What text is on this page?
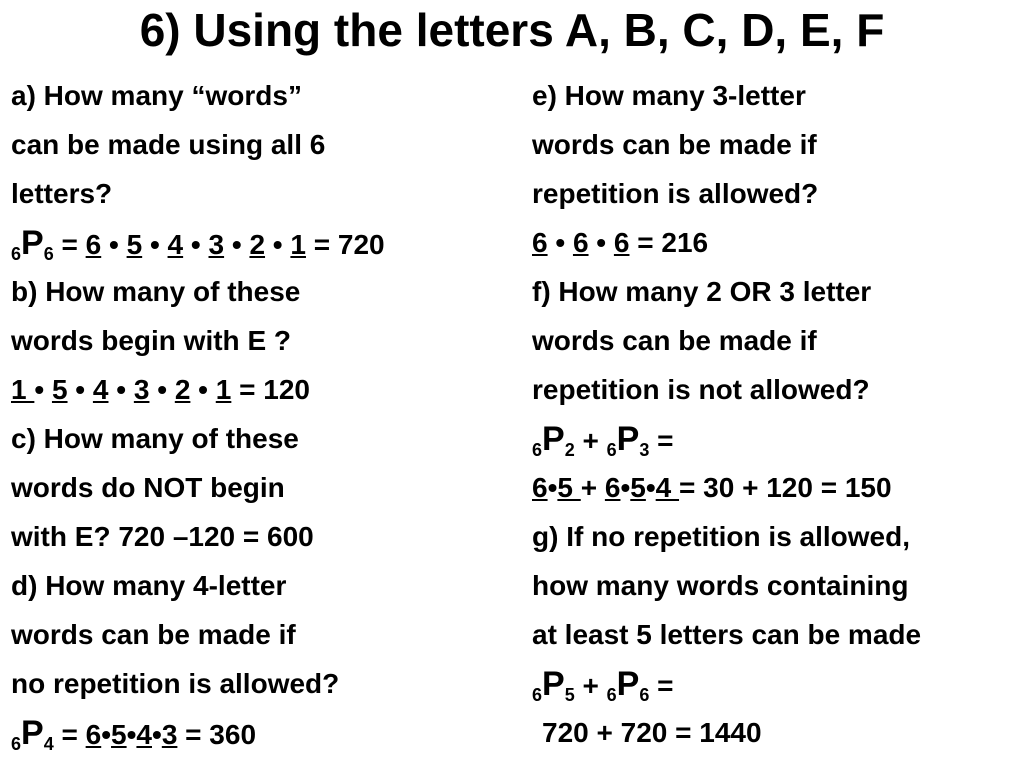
6) Using the letters A, B, C, D, E, F
a) How many “words”
can be made using all 6
letters?
$_6P_6 = 6$ • 5 • 4 • 3 • 2 • 1 = 720
b) How many of these
words begin with E ?
1 • 5 • 4 • 3 • 2 • 1 = 120
c) How many of these
words do NOT begin
with E? 720 –120 = 600
d) How many 4-letter
words can be made if
no repetition is allowed?
$_6P_4$ = 6•5•4•3 = 360
e) How many 3-letter
words can be made if
repetition is allowed?
6 • 6 • 6 = 216
f) How many 2 OR 3 letter
words can be made if
repetition is not allowed?
$_6P_2 + _6P_3$ =
6•5 + 6•5•4 = 30 + 120 = 150
g) If no repetition is allowed,
how many words containing
at least 5 letters can be made
$_6P_5 + _6P_6$ =
720 + 720 = 1440
